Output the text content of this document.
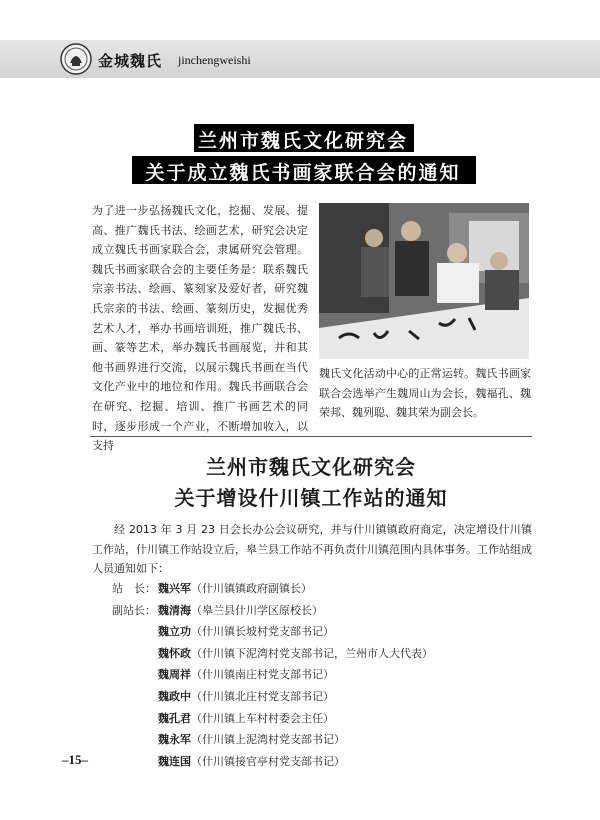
金城魏氏 jinchengweishi
兰州市魏氏文化研究会
关于成立魏氏书画家联合会的通知

为了进一步弘扬魏氏文化，挖掘、发展、提高、推广魏氏书法、绘画艺术，研究会决定成立魏氏书画家联合会，隶属研究会管理。魏氏书画家联合会的主要任务是：联系魏氏宗亲书法、绘画、篆刻家及爱好者，研究魏氏宗亲的书法、绘画、篆刻历史，发掘优秀艺术人才，举办书画培训班，推广魏氏书、画、篆等艺术，举办魏氏书画展览，并和其他书画界进行交流，以展示魏氏书画在当代文化产业中的地位和作用。魏氏书画联合会在研究、挖掘、培训、推广书画艺术的同时，逐步形成一个产业，不断增加收入，以支持

魏氏文化活动中心的正常运转。魏氏书画家联合会选举产生魏周山为会长，魏福孔、魏荣邦、魏列聪、魏其荣为副会长。

兰州市魏氏文化研究会
关于增设什川镇工作站的通知

经 2013 年 3 月 23 日会长办公会议研究，并与什川镇镇政府商定，决定增设什川镇工作站，什川镇工作站设立后，皋兰县工作站不再负责什川镇范围内具体事务。工作站组成人员通知如下：

站　长： 魏兴军（什川镇镇政府副镇长）
副站长： 魏清海（皋兰县什川学区原校长）
魏立功（什川镇长坡村党支部书记）
魏怀政（什川镇下泥湾村党支部书记，兰州市人大代表）
魏周祥（什川镇南庄村党支部书记）
魏政中（什川镇北庄村党支部书记）
魏孔君（什川镇上车村村委会主任）
魏永军（什川镇上泥湾村党支部书记）
魏连国（什川镇接官亭村党支部书记）
–15–
